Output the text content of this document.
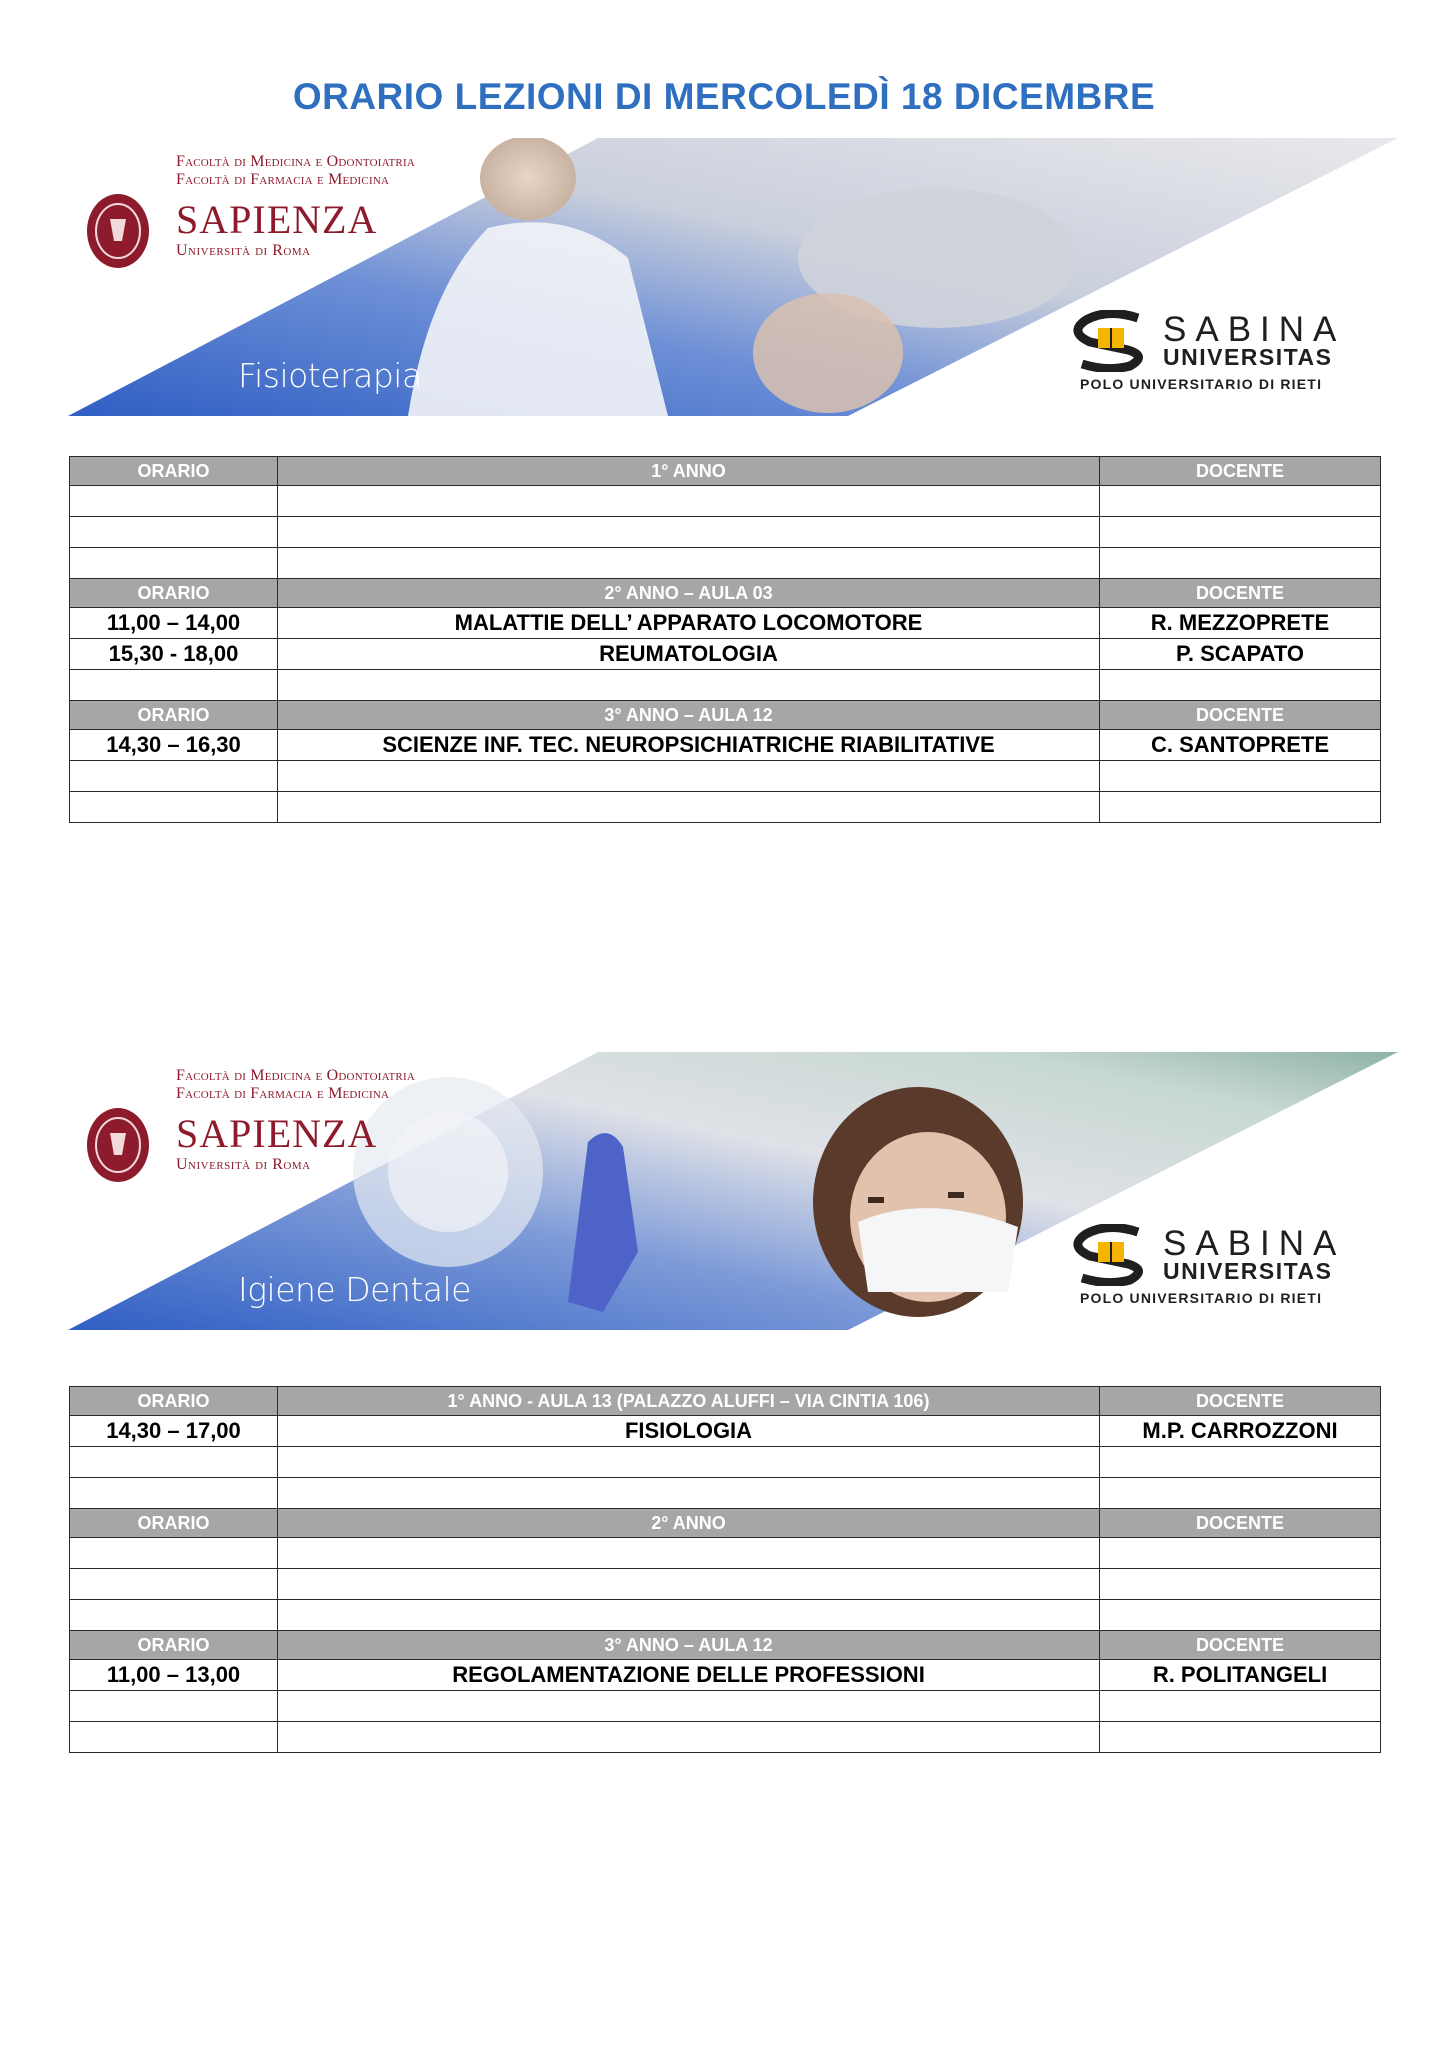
ORARIO LEZIONI DI MERCOLEDÌ 18 DICEMBRE
Facoltà di Medicina e Odontoiatria
Facoltà di Farmacia e Medicina
SAPIENZA
Università di Roma
Fisioterapia
SABINA
UNIVERSITAS
POLO UNIVERSITARIO DI RIETI
ORARIO	1° ANNO	DOCENTE

ORARIO	2° ANNO – AULA 03	DOCENTE
11,00 – 14,00	MALATTIE DELL’ APPARATO LOCOMOTORE	R. MEZZOPRETE
15,30 - 18,00	REUMATOLOGIA	P. SCAPATO

ORARIO	3° ANNO – AULA 12	DOCENTE
14,30 – 16,30	SCIENZE INF. TEC. NEUROPSICHIATRICHE RIABILITATIVE	C. SANTOPRETE

Facoltà di Medicina e Odontoiatria
Facoltà di Farmacia e Medicina
SAPIENZA
Università di Roma
Igiene Dentale
SABINA
UNIVERSITAS
POLO UNIVERSITARIO DI RIETI
ORARIO	1° ANNO - AULA 13 (PALAZZO ALUFFI – VIA CINTIA 106)	DOCENTE
14,30 – 17,00	FISIOLOGIA	M.P. CARROZZONI

ORARIO	2° ANNO	DOCENTE

ORARIO	3° ANNO – AULA 12	DOCENTE
11,00 – 13,00	REGOLAMENTAZIONE DELLE PROFESSIONI	R. POLITANGELI
